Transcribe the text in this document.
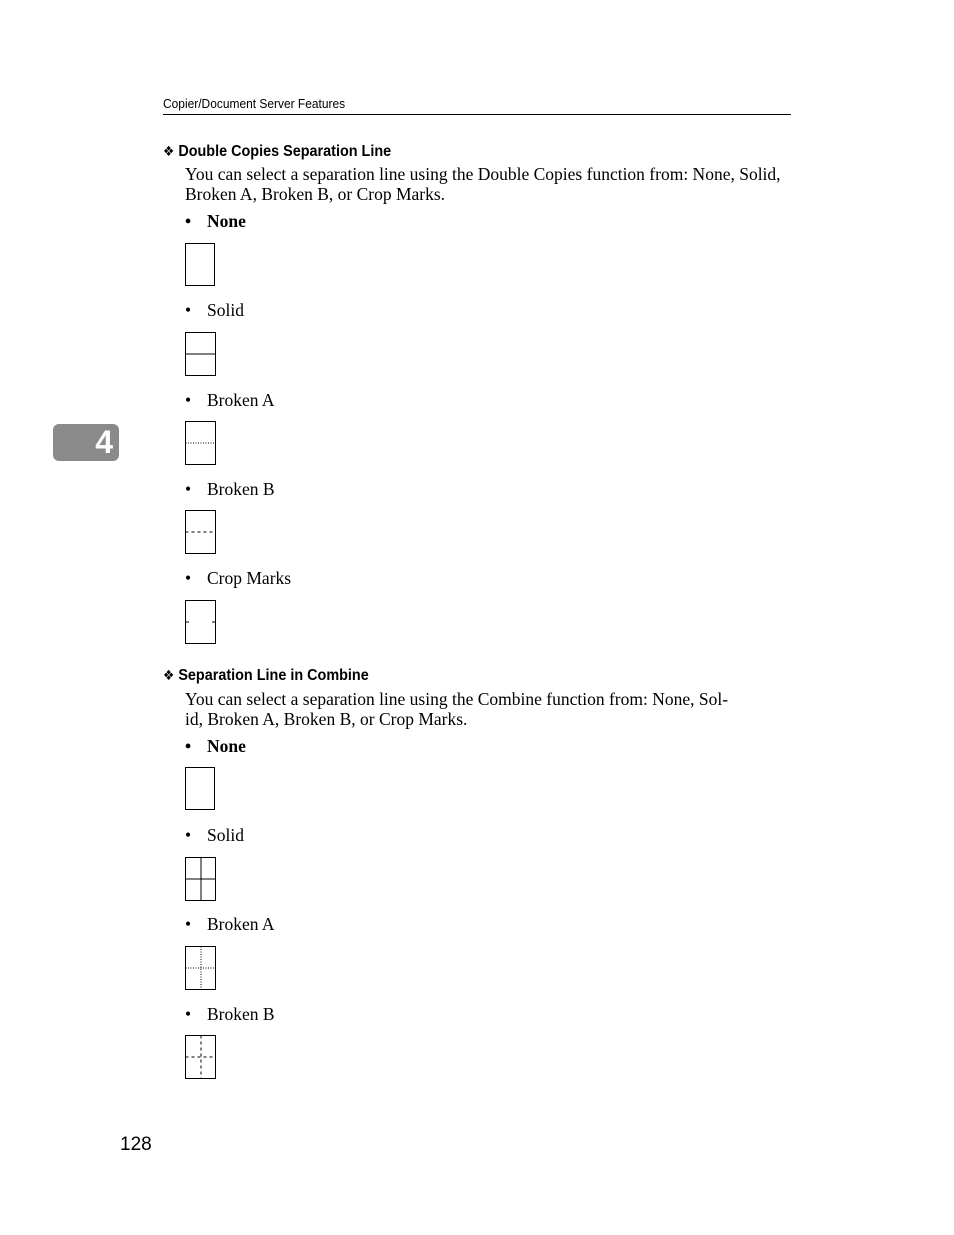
Copier/Document Server Features
4
❖ Double Copies Separation Line
You can select a separation line using the Double Copies function from: None, Solid, Broken A, Broken B, or Crop Marks.
• None
• Solid
• Broken A
• Broken B
• Crop Marks
❖ Separation Line in Combine
You can select a separation line using the Combine function from: None, Sol-
id, Broken A, Broken B, or Crop Marks.
• None
• Solid
• Broken A
• Broken B
128
